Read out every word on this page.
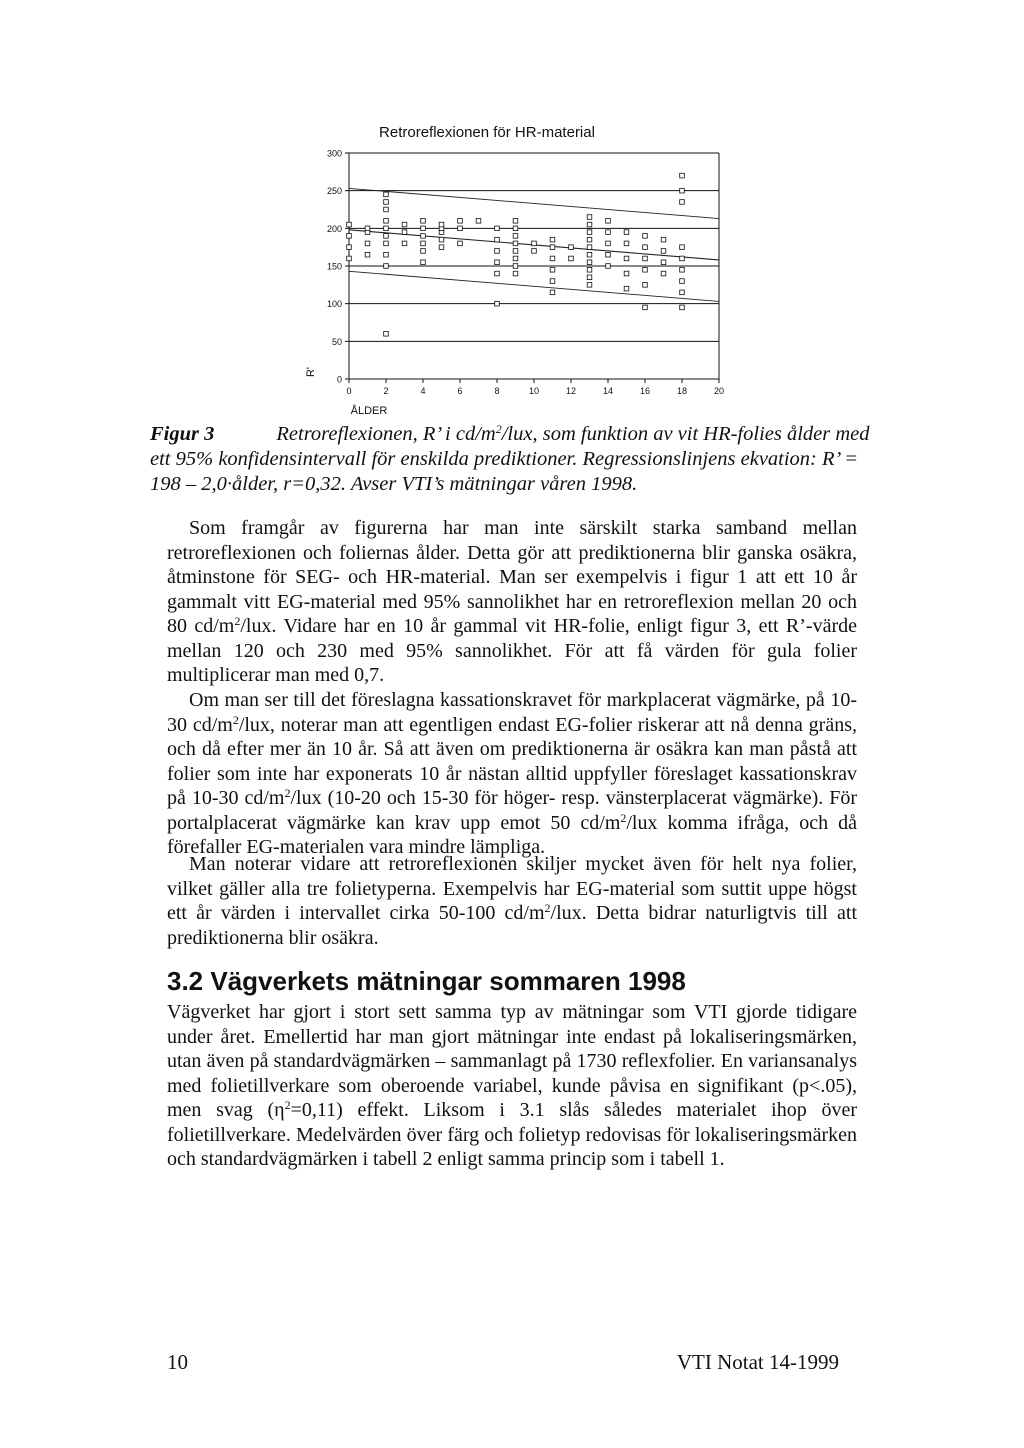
Retroreflexionen för HR-material
0
50
100
150
200
250
300
0	2	4	6	8	10	12	14	16	18	20
R'
ÅLDER

Figur 3	Retroreflexionen, R’ i $cd/m^2$/lux, som funktion av vit HR-folies ålder med ett 95% konfidensintervall för enskilda prediktioner. Regressionslinjens ekvation: R’ = 198 – 2,0·ålder, r=0,32. Avser VTI’s mätningar våren 1998.

Som framgår av figurerna har man inte särskilt starka samband mellan retroreflexionen och foliernas ålder. Detta gör att prediktionerna blir ganska osäkra, åtminstone för SEG- och HR-material. Man ser exempelvis i figur 1 att ett 10 år gammalt vitt EG-material med 95% sannolikhet har en retroreflexion mellan 20 och 80 $cd/m^2$/lux. Vidare har en 10 år gammal vit HR-folie, enligt figur 3, ett R’-värde mellan 120 och 230 med 95% sannolikhet. För att få värden för gula folier multiplicerar man med 0,7.

Om man ser till det föreslagna kassationskravet för markplacerat vägmärke, på 10-30 $cd/m^2$/lux, noterar man att egentligen endast EG-folier riskerar att nå denna gräns, och då efter mer än 10 år. Så att även om prediktionerna är osäkra kan man påstå att folier som inte har exponerats 10 år nästan alltid uppfyller föreslaget kassationskrav på 10-30 $cd/m^2$/lux (10-20 och 15-30 för höger- resp. vänsterplacerat vägmärke). För portalplacerat vägmärke kan krav upp emot 50 $cd/m^2$/lux komma ifråga, och då förefaller EG-materialen vara mindre lämpliga.

Man noterar vidare att retroreflexionen skiljer mycket även för helt nya folier, vilket gäller alla tre folietyperna. Exempelvis har EG-material som suttit uppe högst ett år värden i intervallet cirka 50-100 $cd/m^2$/lux. Detta bidrar naturligtvis till att prediktionerna blir osäkra.

3.2 Vägverkets mätningar sommaren 1998

Vägverket har gjort i stort sett samma typ av mätningar som VTI gjorde tidigare under året. Emellertid har man gjort mätningar inte endast på lokaliseringsmärken, utan även på standardvägmärken – sammanlagt på 1730 reflexfolier. En variansanalys med folietillverkare som oberoende variabel, kunde påvisa en signifikant (p<.05), men svag $(\eta^2=0,11)$ effekt. Liksom i 3.1 slås således materialet ihop över folietillverkare. Medelvärden över färg och folietyp redovisas för lokaliseringsmärken och standardvägmärken i tabell 2 enligt samma princip som i tabell 1.

10	VTI Notat 14-1999
